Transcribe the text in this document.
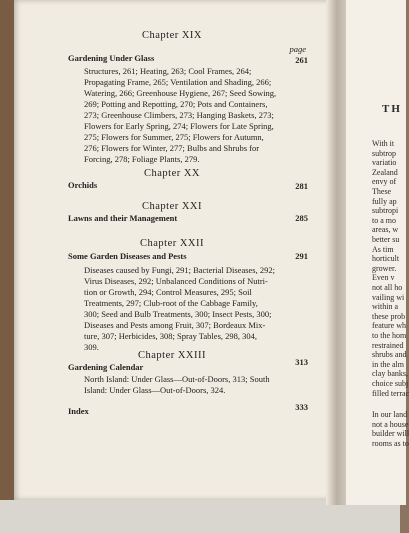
Chapter XIX
page
Gardening Under Glass	261
Structures, 261; Heating, 263; Cool Frames, 264;
Propagating Frame, 265; Ventilation and Shading, 266;
Watering, 266; Greenhouse Hygiene, 267; Seed Sowing,
269; Potting and Repotting, 270; Pots and Containers,
273; Greenhouse Climbers, 273; Hanging Baskets, 273;
Flowers for Early Spring, 274; Flowers for Late Spring,
275; Flowers for Summer, 275; Flowers for Autumn,
276; Flowers for Winter, 277; Bulbs and Shrubs for
Forcing, 278; Foliage Plants, 279.
Chapter XX
Orchids	281
Chapter XXI
Lawns and their Management	285
Chapter XXII
Some Garden Diseases and Pests	291
Diseases caused by Fungi, 291; Bacterial Diseases, 292;
Virus Diseases, 292; Unbalanced Conditions of Nutri-
tion or Growth, 294; Control Measures, 295; Soil
Treatments, 297; Club-root of the Cabbage Family,
300; Seed and Bulb Treatments, 300; Insect Pests, 300;
Diseases and Pests among Fruit, 307; Bordeaux Mix-
ture, 307; Herbicides, 308; Spray Tables, 298, 304,
309.
Chapter XXIII
Gardening Calendar	313
North Island: Under Glass—Out-of-Doors, 313; South
Island: Under Glass—Out-of-Doors, 324.
Index	333
TH
With it
subtrop
variatio
Zealand
envy of
These
fully ap
subtropi
to a mo
areas, w
better su
As tim
horticult
grower.
Even v
not all ho
vailing wi
within a
these prob
feature wh
to the hom
restrained
shrubs and
in the alm
clay banks,
choice subj
filled terrac
In our land
not a house
builder will
rooms as to
